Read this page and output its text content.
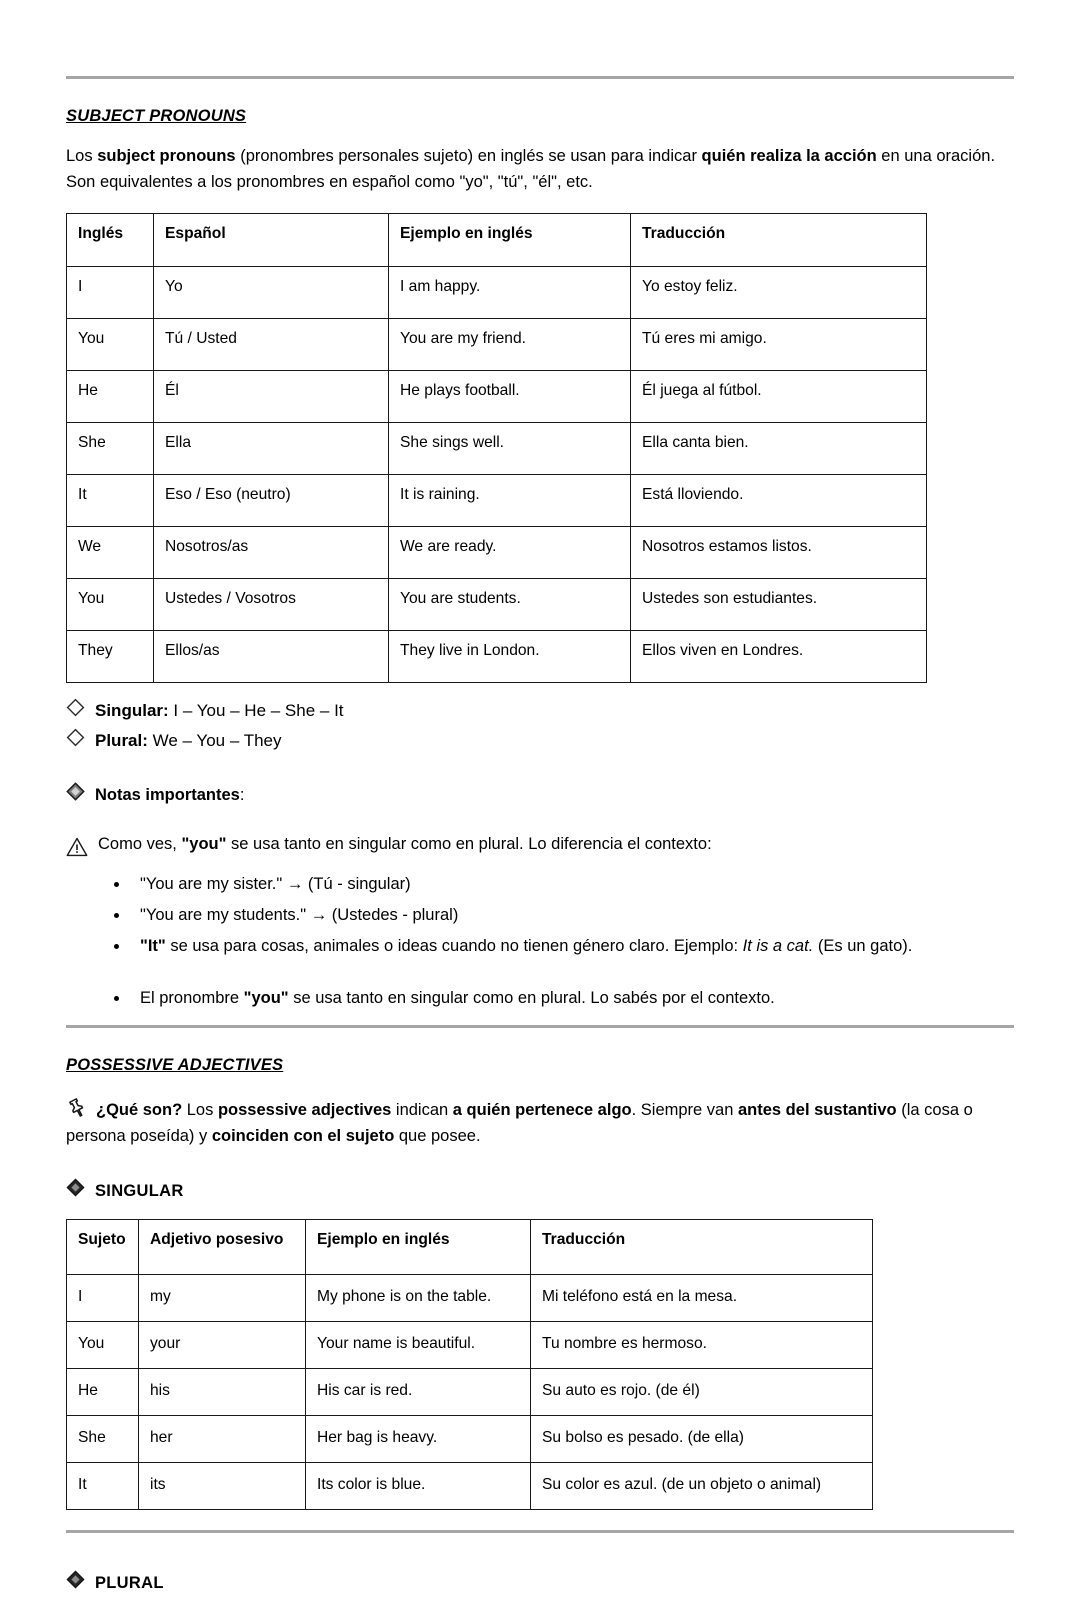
SUBJECT PRONOUNS

Los subject pronouns (pronombres personales sujeto) en inglés se usan para indicar quién realiza la acción en una oración. Son equivalentes a los pronombres en español como "yo", "tú", "él", etc.

Inglés	Español	Ejemplo en inglés	Traducción
I	Yo	I am happy.	Yo estoy feliz.
You	Tú / Usted	You are my friend.	Tú eres mi amigo.
He	Él	He plays football.	Él juega al fútbol.
She	Ella	She sings well.	Ella canta bien.
It	Eso / Eso (neutro)	It is raining.	Está lloviendo.
We	Nosotros/as	We are ready.	Nosotros estamos listos.
You	Ustedes / Vosotros	You are students.	Ustedes son estudiantes.
They	Ellos/as	They live in London.	Ellos viven en Londres.
Singular: I – You – He – She – It
Plural: We – You – They
Notas importantes:
Como ves, "you" se usa tanto en singular como en plural. Lo diferencia el contexto:
• "You are my sister." → (Tú - singular)
• "You are my students." → (Ustedes - plural)
• "It" se usa para cosas, animales o ideas cuando no tienen género claro. Ejemplo: It is a cat. (Es un gato).
• El pronombre "you" se usa tanto en singular como en plural. Lo sabés por el contexto.
POSSESSIVE ADJECTIVES

¿Qué son? Los possessive adjectives indican a quién pertenece algo. Siempre van antes del sustantivo (la cosa o persona poseída) y coinciden con el sujeto que posee.

SINGULAR
Sujeto	Adjetivo posesivo	Ejemplo en inglés	Traducción
I	my	My phone is on the table.	Mi teléfono está en la mesa.
You	your	Your name is beautiful.	Tu nombre es hermoso.
He	his	His car is red.	Su auto es rojo. (de él)
She	her	Her bag is heavy.	Su bolso es pesado. (de ella)
It	its	Its color is blue.	Su color es azul. (de un objeto o animal)
PLURAL
